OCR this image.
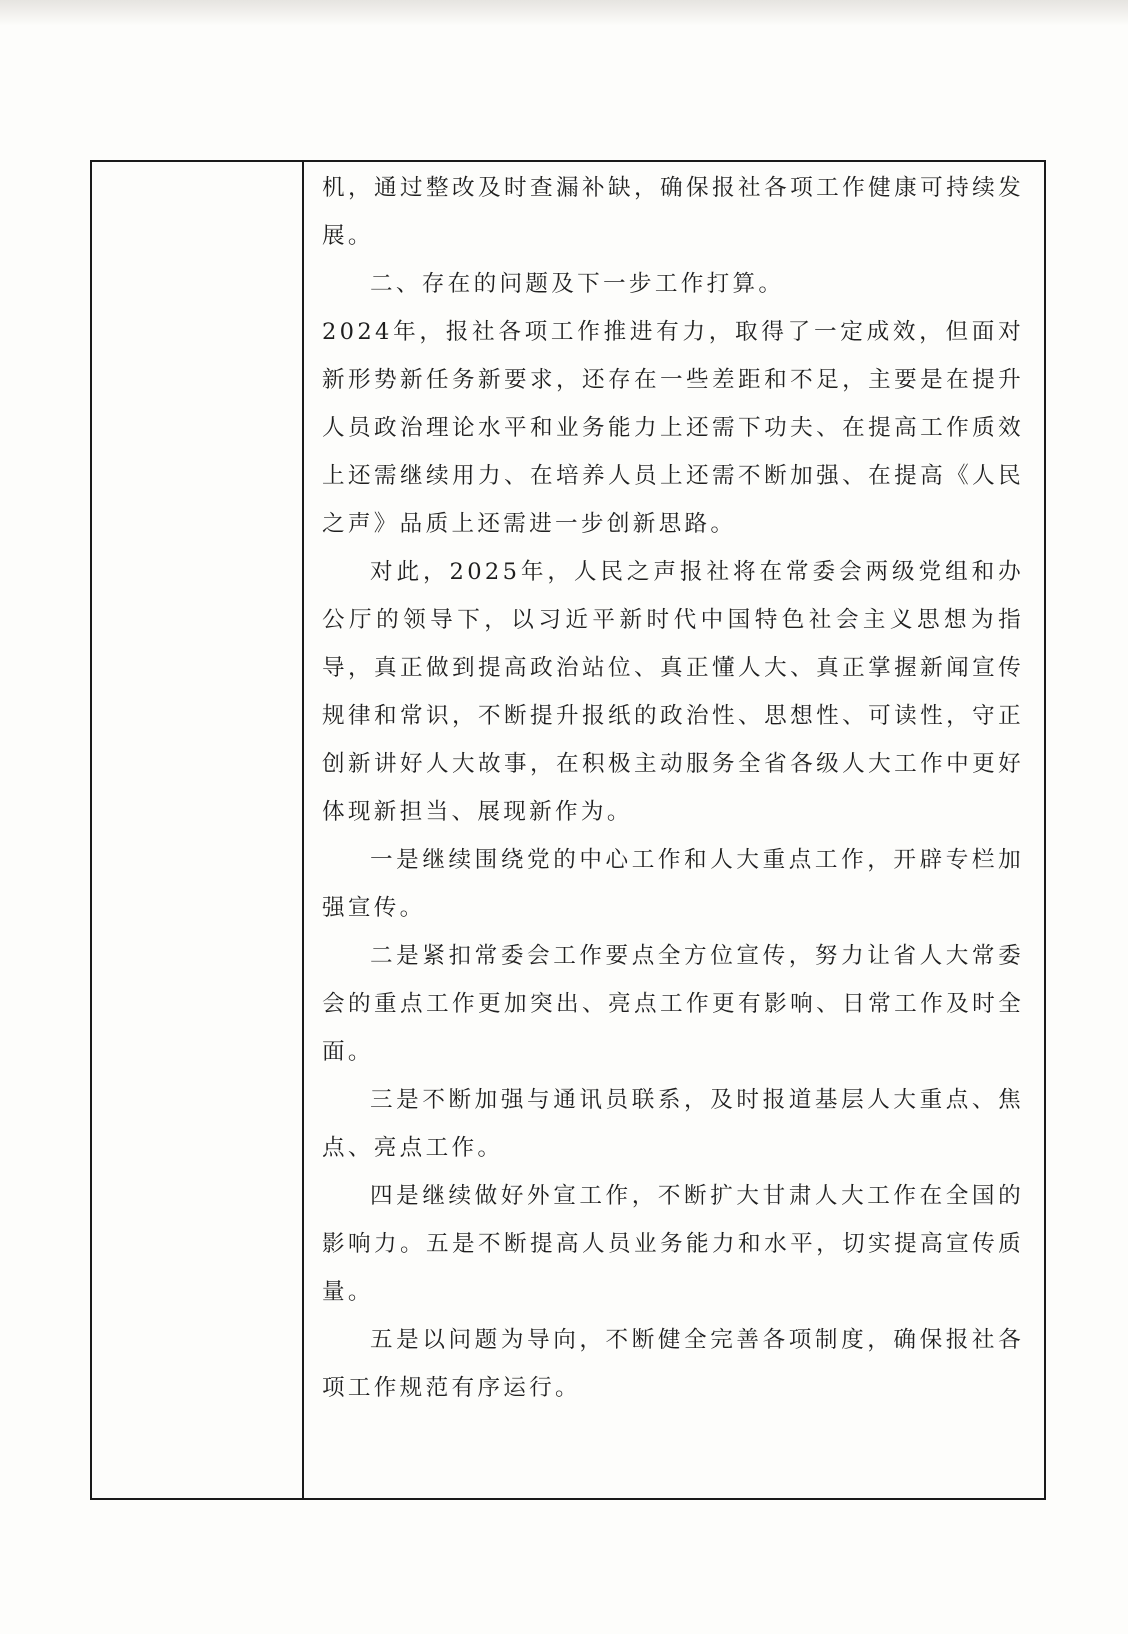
机，通过整改及时查漏补缺，确保报社各项工作健康可持续发展。

二、存在的问题及下一步工作打算。

2024年，报社各项工作推进有力，取得了一定成效，但面对新形势新任务新要求，还存在一些差距和不足，主要是在提升人员政治理论水平和业务能力上还需下功夫、在提高工作质效上还需继续用力、在培养人员上还需不断加强、在提高《人民之声》品质上还需进一步创新思路。

对此，2025年，人民之声报社将在常委会两级党组和办公厅的领导下，以习近平新时代中国特色社会主义思想为指导，真正做到提高政治站位、真正懂人大、真正掌握新闻宣传规律和常识，不断提升报纸的政治性、思想性、可读性，守正创新讲好人大故事，在积极主动服务全省各级人大工作中更好体现新担当、展现新作为。

一是继续围绕党的中心工作和人大重点工作，开辟专栏加强宣传。

二是紧扣常委会工作要点全方位宣传，努力让省人大常委会的重点工作更加突出、亮点工作更有影响、日常工作及时全面。

三是不断加强与通讯员联系，及时报道基层人大重点、焦点、亮点工作。

四是继续做好外宣工作，不断扩大甘肃人大工作在全国的影响力。五是不断提高人员业务能力和水平，切实提高宣传质量。

五是以问题为导向，不断健全完善各项制度，确保报社各项工作规范有序运行。
